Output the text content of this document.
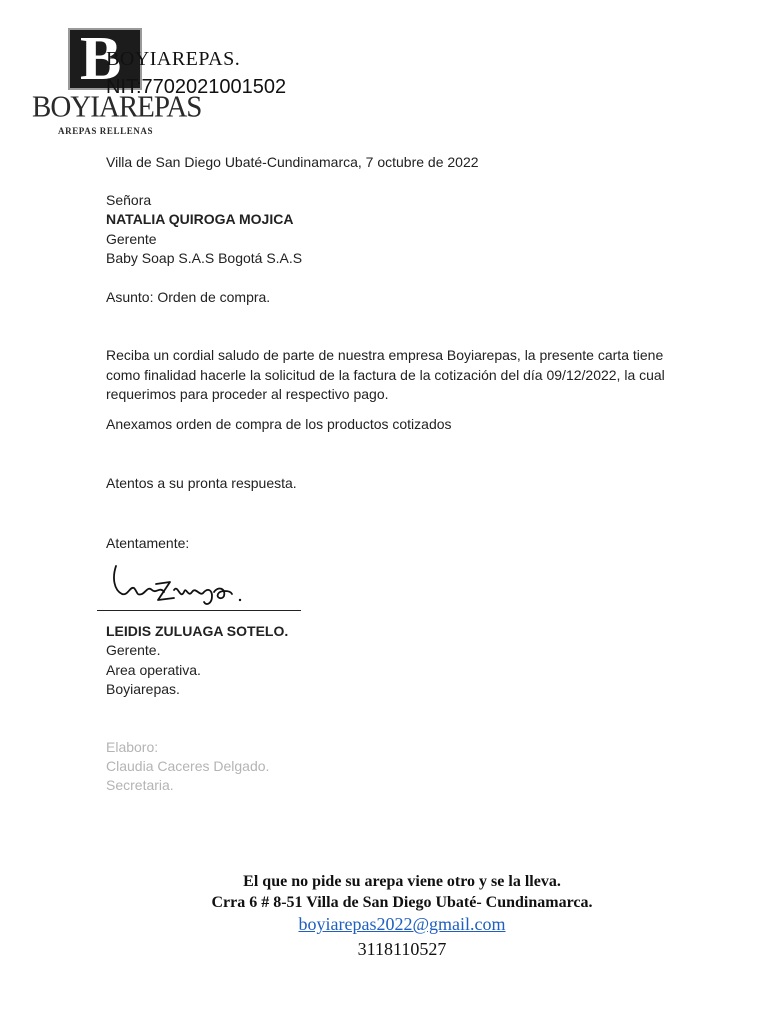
B
BOYIAREPAS
AREPAS RELLENAS
BOYIAREPAS.
NIT:7702021001502
Villa de San Diego Ubaté-Cundinamarca, 7 octubre de 2022
Señora
NATALIA QUIROGA MOJICA
Gerente
Baby Soap S.A.S Bogotá S.A.S
Asunto: Orden de compra.
Reciba un cordial saludo de parte de nuestra empresa Boyiarepas, la presente carta tiene como finalidad hacerle la solicitud de la factura de la cotización del día 09/12/2022, la cual requerimos para proceder al respectivo pago.
Anexamos orden de compra de los productos cotizados
Atentos a su pronta respuesta.
Atentamente:
LEIDIS ZULUAGA SOTELO.
Gerente.
Area operativa.
Boyiarepas.
Elaboro:
Claudia Caceres Delgado.
Secretaria.
El que no pide su arepa viene otro y se la lleva.
Crra 6 # 8-51 Villa de San Diego Ubaté- Cundinamarca.
boyiarepas2022@gmail.com
3118110527
